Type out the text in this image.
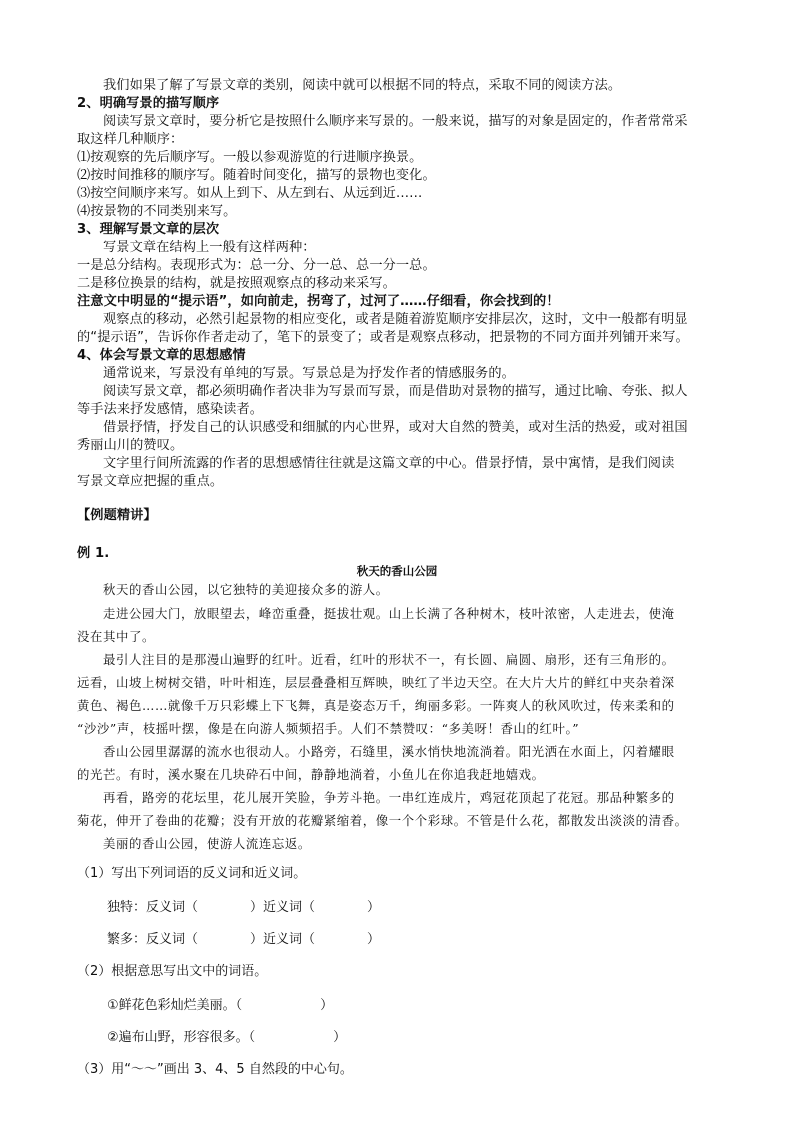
我们如果了解了写景文章的类别，阅读中就可以根据不同的特点，采取不同的阅读方法。
2、明确写景的描写顺序
阅读写景文章时，要分析它是按照什么顺序来写景的。一般来说，描写的对象是固定的，作者常常采
取这样几种顺序：
⑴按观察的先后顺序写。一般以参观游览的行进顺序换景。
⑵按时间推移的顺序写。随着时间变化，描写的景物也变化。
⑶按空间顺序来写。如从上到下、从左到右、从远到近……
⑷按景物的不同类别来写。
3、理解写景文章的层次
写景文章在结构上一般有这样两种：
一是总分结构。表现形式为：总一分、分一总、总一分一总。
二是移位换景的结构，就是按照观察点的移动来采写。
注意文中明显的“提示语”，如向前走，拐弯了，过河了……仔细看，你会找到的！
观察点的移动，必然引起景物的相应变化，或者是随着游览顺序安排层次，这时，文中一般都有明显
的“提示语”，告诉你作者走动了，笔下的景变了；或者是观察点移动，把景物的不同方面并列铺开来写。
4、体会写景文章的思想感情
通常说来，写景没有单纯的写景。写景总是为抒发作者的情感服务的。
阅读写景文章，都必须明确作者决非为写景而写景，而是借助对景物的描写，通过比喻、夸张、拟人
等手法来抒发感情，感染读者。
借景抒情，抒发自己的认识感受和细腻的内心世界，或对大自然的赞美，或对生活的热爱，或对祖国
秀丽山川的赞叹。
文字里行间所流露的作者的思想感情往往就是这篇文章的中心。借景抒情，景中寓情，是我们阅读
写景文章应把握的重点。
【例题精讲】
例 1.
秋天的香山公园
秋天的香山公园，以它独特的美迎接众多的游人。
走进公园大门，放眼望去，峰峦重叠，挺拔壮观。山上长满了各种树木，枝叶浓密，人走进去，使淹
没在其中了。
最引人注目的是那漫山遍野的红叶。近看，红叶的形状不一，有长圆、扁圆、扇形，还有三角形的。
远看，山坡上树树交错，叶叶相连，层层叠叠相互辉映，映红了半边天空。在大片大片的鲜红中夹杂着深
黄色、褐色……就像千万只彩蝶上下飞舞，真是姿态万千，绚丽多彩。一阵爽人的秋风吹过，传来柔和的
“沙沙”声，枝摇叶摆，像是在向游人频频招手。人们不禁赞叹：“多美呀！香山的红叶。”
香山公园里潺潺的流水也很动人。小路旁，石缝里，溪水悄快地流淌着。阳光洒在水面上，闪着耀眼
的光芒。有时，溪水聚在几块砕石中间，静静地淌着，小鱼儿在你追我赶地嬉戏。
再看，路旁的花坛里，花儿展开笑脸，争芳斗艳。一串红连成片，鸡冠花顶起了花冠。那品种繁多的
菊花，伸开了卷曲的花瓣；没有开放的花瓣紧缩着，像一个个彩球。不管是什么花，都散发出淡淡的清香。
美丽的香山公园，使游人流连忘返。
（1）写出下列词语的反义词和近义词。
独特：反义词（　　　　）近义词（　　　　）
繁多：反义词（　　　　）近义词（　　　　）
（2）根据意思写出文中的词语。
①鲜花色彩灿烂美丽。（　　　　　　）
②遍布山野，形容很多。（　　　　　　）
（3）用“～～”画出 3、4、5 自然段的中心句。
